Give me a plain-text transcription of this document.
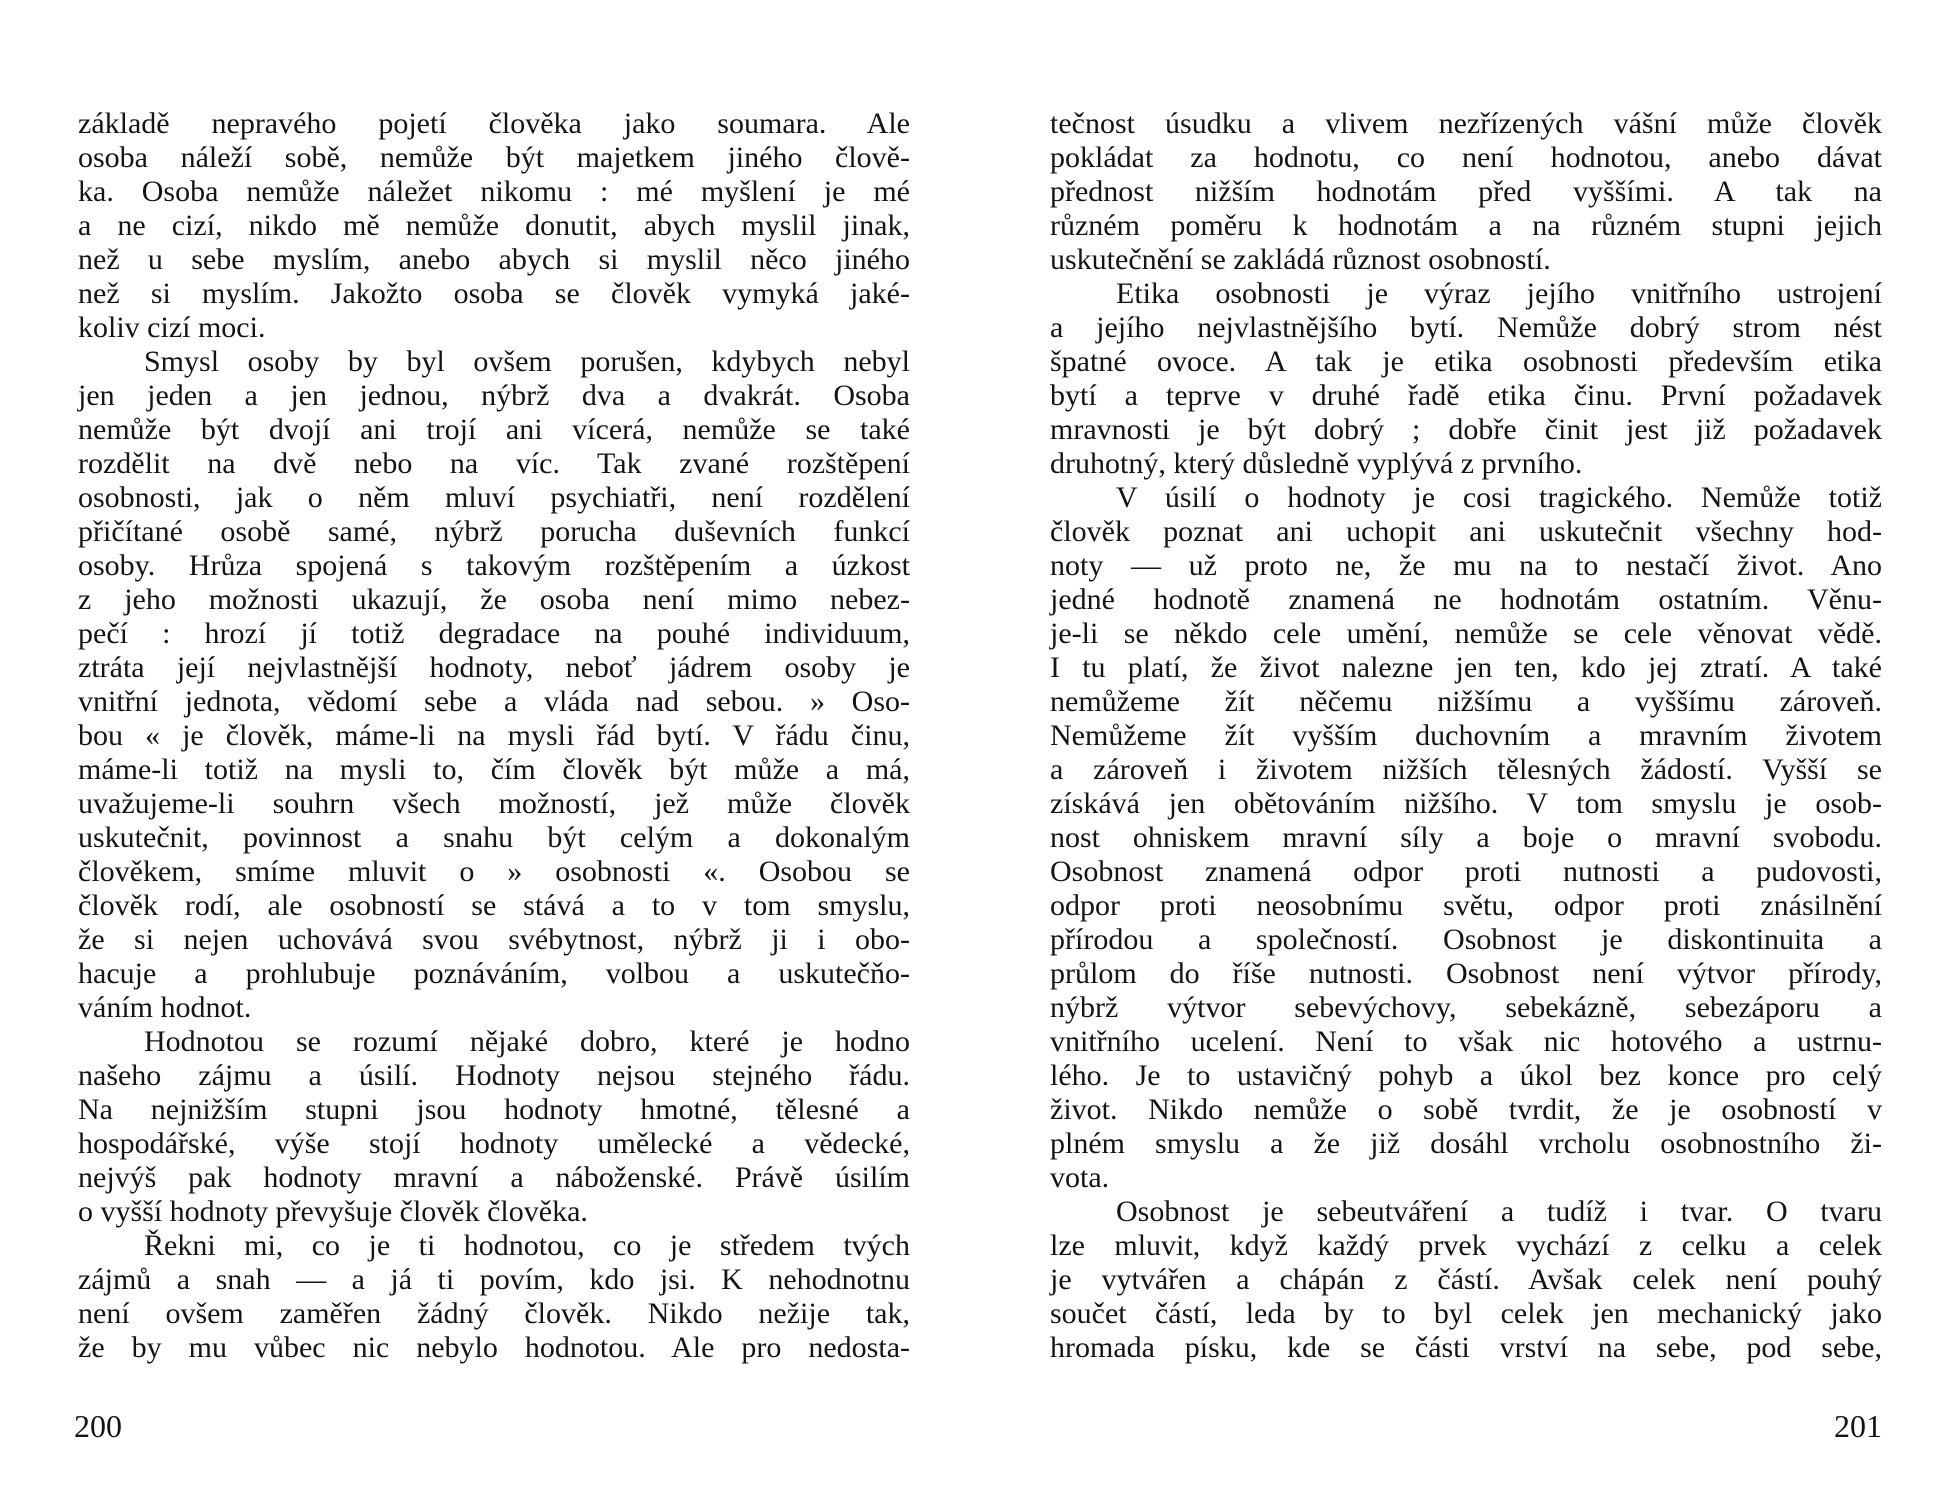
základě nepravého pojetí člověka jako soumara. Ale
osoba náleží sobě, nemůže být majetkem jiného člově-
ka. Osoba nemůže náležet nikomu : mé myšlení je mé
a ne cizí, nikdo mě nemůže donutit, abych myslil jinak,
než u sebe myslím, anebo abych si myslil něco jiného
než si myslím. Jakožto osoba se člověk vymyká jaké-
koliv cizí moci.
Smysl osoby by byl ovšem porušen, kdybych nebyl
jen jeden a jen jednou, nýbrž dva a dvakrát. Osoba
nemůže být dvojí ani trojí ani vícerá, nemůže se také
rozdělit na dvě nebo na víc. Tak zvané rozštěpení
osobnosti, jak o něm mluví psychiatři, není rozdělení
přičítané osobě samé, nýbrž porucha duševních funkcí
osoby. Hrůza spojená s takovým rozštěpením a úzkost
z jeho možnosti ukazují, že osoba není mimo nebez-
pečí : hrozí jí totiž degradace na pouhé individuum,
ztráta její nejvlastnější hodnoty, neboť jádrem osoby je
vnitřní jednota, vědomí sebe a vláda nad sebou. » Oso-
bou « je člověk, máme-li na mysli řád bytí. V řádu činu,
máme-li totiž na mysli to, čím člověk být může a má,
uvažujeme-li souhrn všech možností, jež může člověk
uskutečnit, povinnost a snahu být celým a dokonalým
člověkem, smíme mluvit o » osobnosti «. Osobou se
člověk rodí, ale osobností se stává a to v tom smyslu,
že si nejen uchovává svou svébytnost, nýbrž ji i obo-
hacuje a prohlubuje poznáváním, volbou a uskutečňo-
váním hodnot.
Hodnotou se rozumí nějaké dobro, které je hodno
našeho zájmu a úsilí. Hodnoty nejsou stejného řádu.
Na nejnižším stupni jsou hodnoty hmotné, tělesné a
hospodářské, výše stojí hodnoty umělecké a vědecké,
nejvýš pak hodnoty mravní a náboženské. Právě úsilím
o vyšší hodnoty převyšuje člověk člověka.
Řekni mi, co je ti hodnotou, co je středem tvých
zájmů a snah — a já ti povím, kdo jsi. K nehodnotnu
není ovšem zaměřen žádný člověk. Nikdo nežije tak,
že by mu vůbec nic nebylo hodnotou. Ale pro nedosta-
200
tečnost úsudku a vlivem nezřízených vášní může člověk
pokládat za hodnotu, co není hodnotou, anebo dávat
přednost nižším hodnotám před vyššími. A tak na
různém poměru k hodnotám a na různém stupni jejich
uskutečnění se zakládá různost osobností.
Etika osobnosti je výraz jejího vnitřního ustrojení
a jejího nejvlastnějšího bytí. Nemůže dobrý strom nést
špatné ovoce. A tak je etika osobnosti především etika
bytí a teprve v druhé řadě etika činu. První požadavek
mravnosti je být dobrý ; dobře činit jest již požadavek
druhotný, který důsledně vyplývá z prvního.
V úsilí o hodnoty je cosi tragického. Nemůže totiž
člověk poznat ani uchopit ani uskutečnit všechny hod-
noty — už proto ne, že mu na to nestačí život. Ano
jedné hodnotě znamená ne hodnotám ostatním. Věnu-
je-li se někdo cele umění, nemůže se cele věnovat vědě.
I tu platí, že život nalezne jen ten, kdo jej ztratí. A také
nemůžeme žít něčemu nižšímu a vyššímu zároveň.
Nemůžeme žít vyšším duchovním a mravním životem
a zároveň i životem nižších tělesných žádostí. Vyšší se
získává jen obětováním nižšího. V tom smyslu je osob-
nost ohniskem mravní síly a boje o mravní svobodu.
Osobnost znamená odpor proti nutnosti a pudovosti,
odpor proti neosobnímu světu, odpor proti znásilnění
přírodou a společností. Osobnost je diskontinuita a
průlom do říše nutnosti. Osobnost není výtvor přírody,
nýbrž výtvor sebevýchovy, sebekázně, sebezáporu a
vnitřního ucelení. Není to však nic hotového a ustrnu-
lého. Je to ustavičný pohyb a úkol bez konce pro celý
život. Nikdo nemůže o sobě tvrdit, že je osobností v
plném smyslu a že již dosáhl vrcholu osobnostního ži-
vota.
Osobnost je sebeutváření a tudíž i tvar. O tvaru
lze mluvit, když každý prvek vychází z celku a celek
je vytvářen a chápán z částí. Avšak celek není pouhý
součet částí, leda by to byl celek jen mechanický jako
hromada písku, kde se části vrství na sebe, pod sebe,
201
